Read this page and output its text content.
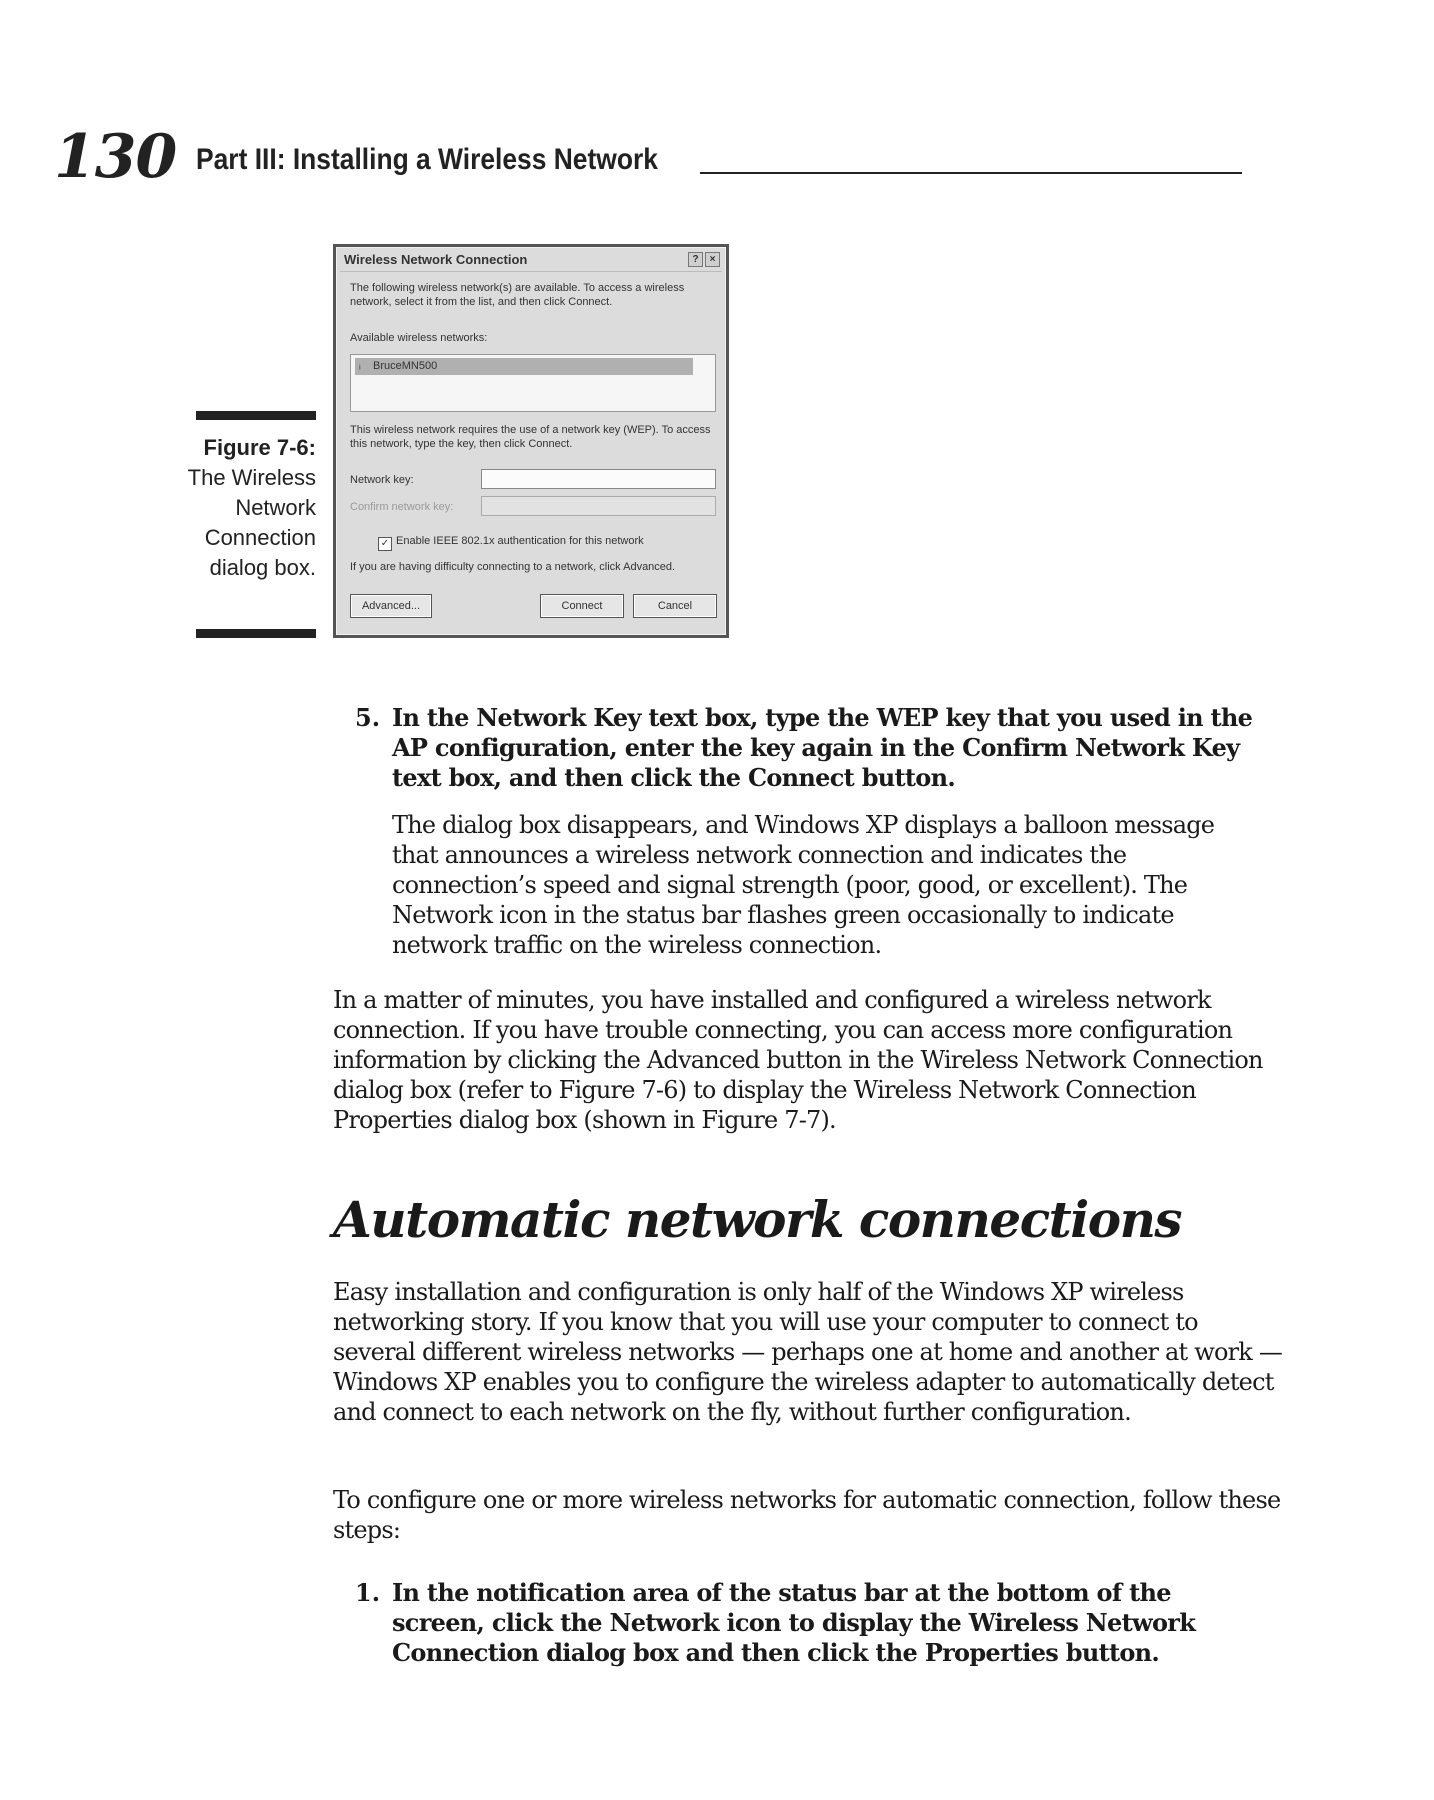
130 Part III: Installing a Wireless Network
Figure 7-6:
The Wireless Network Connection dialog box.
Wireless Network Connection	?	×
The following wireless network(s) are available. To access a wireless network, select it from the list, and then click Connect.
Available wireless networks:
ᵢ BruceMN500
This wireless network requires the use of a network key (WEP). To access this network, type the key, then click Connect.
Network key:
Confirm network key:
✓ Enable IEEE 802.1x authentication for this network
If you are having difficulty connecting to a network, click Advanced.
Advanced...	Connect	Cancel
5. In the Network Key text box, type the WEP key that you used in the AP configuration, enter the key again in the Confirm Network Key text box, and then click the Connect button.
The dialog box disappears, and Windows XP displays a balloon message that announces a wireless network connection and indicates the connection’s speed and signal strength (poor, good, or excellent). The Network icon in the status bar flashes green occasionally to indicate network traffic on the wireless connection.
In a matter of minutes, you have installed and configured a wireless network connection. If you have trouble connecting, you can access more configuration information by clicking the Advanced button in the Wireless Network Connection dialog box (refer to Figure 7-6) to display the Wireless Network Connection Properties dialog box (shown in Figure 7-7).
Automatic network connections
Easy installation and configuration is only half of the Windows XP wireless networking story. If you know that you will use your computer to connect to several different wireless networks — perhaps one at home and another at work — Windows XP enables you to configure the wireless adapter to automatically detect and connect to each network on the fly, without further configuration.
To configure one or more wireless networks for automatic connection, follow these steps:
1. In the notification area of the status bar at the bottom of the screen, click the Network icon to display the Wireless Network Connection dialog box and then click the Properties button.
